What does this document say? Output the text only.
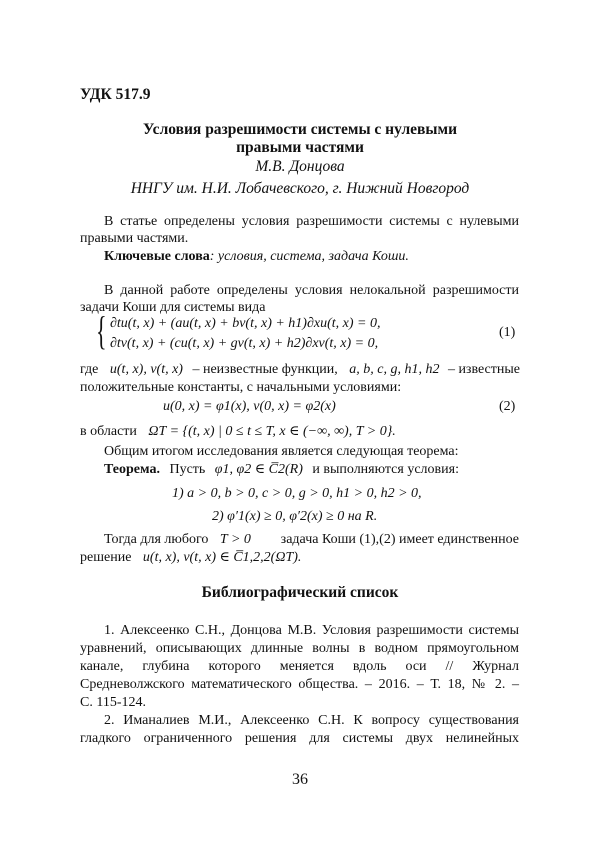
УДК 517.9
Условия разрешимости системы с нулевыми
правыми частями
М.В. Донцова
ННГУ им. Н.И. Лобачевского, г. Нижний Новгород
В статье определены условия разрешимости системы с нулевыми
правыми частями.
Ключевые слова: условия, система, задача Коши.
В данной работе определены условия нелокальной разрешимости
задачи Коши для системы вида
{ ∂tu(t, x) + (au(t, x) + bv(t, x) + h1)∂xu(t, x) = 0,
∂tv(t, x) + (cu(t, x) + gv(t, x) + h2)∂xv(t, x) = 0,
(1)
где u(t, x), v(t, x) – неизвестные функции, a, b, c, g, h1, h2 – известные
положительные константы, с начальными условиями:
u(0, x) = φ1(x), v(0, x) = φ2(x)	(2)
в области ΩT = {(t, x) | 0 ≤ t ≤ T, x ∈ (−∞, ∞), T > 0}.
Общим итогом исследования является следующая теорема:
Теорема. Пусть φ1, φ2 ∈ C̅2(R) и выполняются условия:
1) a > 0, b > 0, c > 0, g > 0, h1 > 0, h2 > 0,
2) φ′1(x) ≥ 0, φ′2(x) ≥ 0 на R.
Тогда для любого T > 0 задача Коши (1),(2) имеет единственное
решение u(t, x), v(t, x) ∈ C̅1,2,2(ΩT).
Библиографический список
1. Алексеенко С.Н., Донцова М.В. Условия разрешимости системы
уравнений, описывающих длинные волны в водном прямоугольном
канале, глубина которого меняется вдоль оси // Журнал
Средневолжского математического общества. – 2016. – Т. 18, № 2. –
С. 115-124.
2. Иманалиев М.И., Алексеенко С.Н. К вопросу существования
гладкого ограниченного решения для системы двух нелинейных
36
